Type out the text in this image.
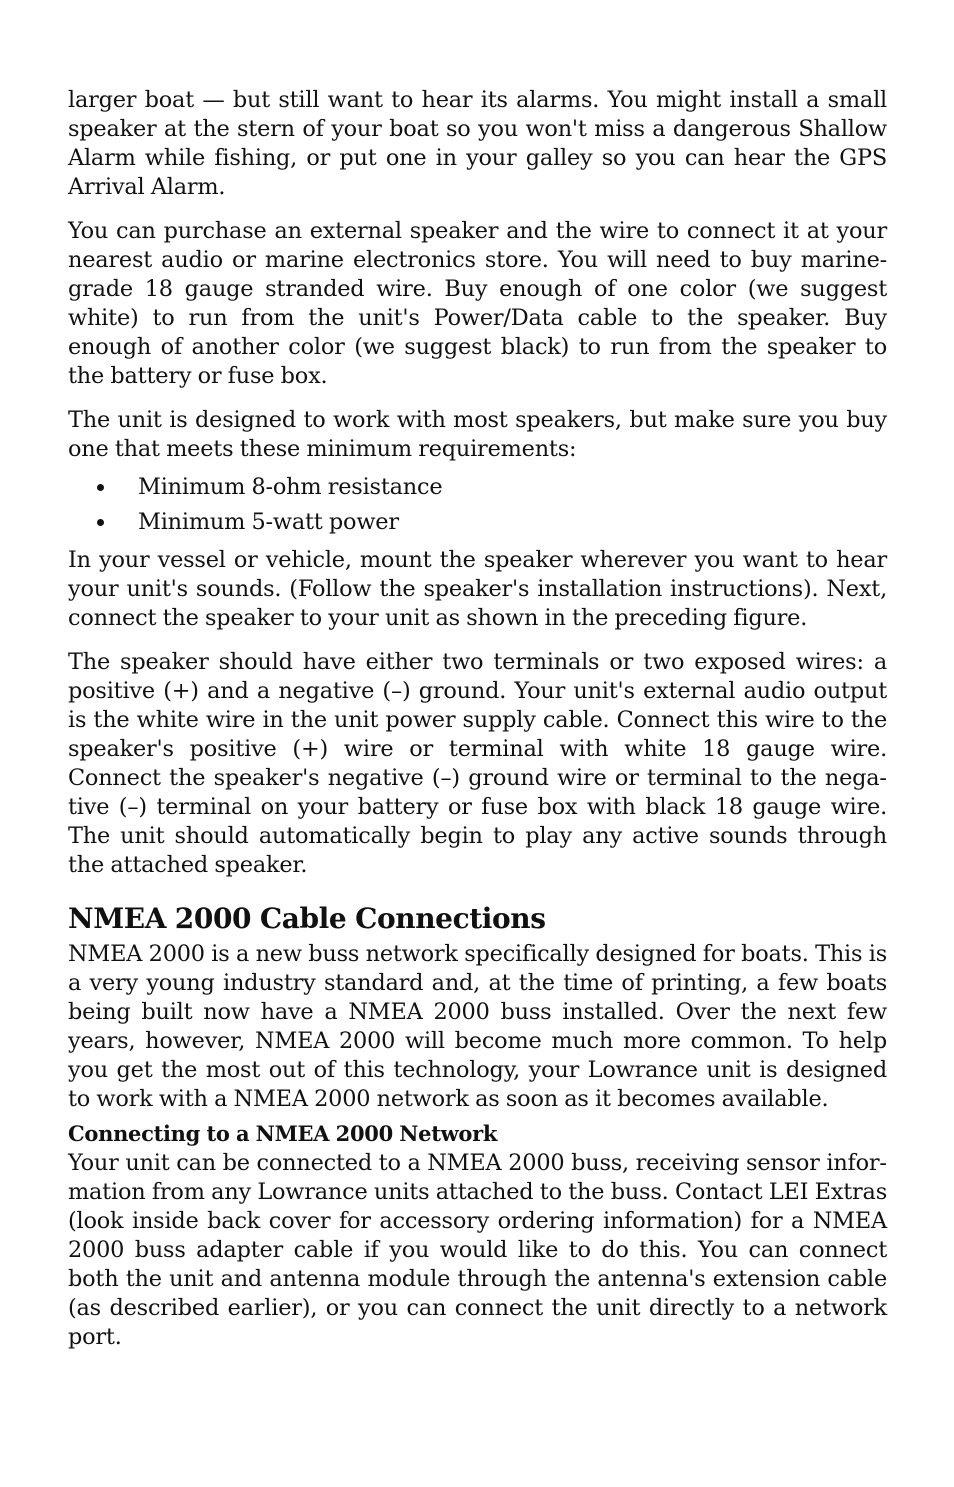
larger boat — but still want to hear its alarms. You might install a small speaker at the stern of your boat so you won't miss a dangerous Shallow Alarm while fishing, or put one in your galley so you can hear the GPS Arrival Alarm.

You can purchase an external speaker and the wire to connect it at your nearest audio or marine electronics store. You will need to buy marine-grade 18 gauge stranded wire. Buy enough of one color (we suggest white) to run from the unit's Power/Data cable to the speaker. Buy enough of another color (we suggest black) to run from the speaker to the battery or fuse box.

The unit is designed to work with most speakers, but make sure you buy one that meets these minimum requirements:

Minimum 8-ohm resistance
Minimum 5-watt power

In your vessel or vehicle, mount the speaker wherever you want to hear your unit's sounds. (Follow the speaker's installation instructions). Next, connect the speaker to your unit as shown in the preceding figure.

The speaker should have either two terminals or two exposed wires: a positive (+) and a negative (–) ground. Your unit's external audio output is the white wire in the unit power supply cable. Connect this wire to the speaker's positive (+) wire or terminal with white 18 gauge wire. Connect the speaker's negative (–) ground wire or terminal to the negative (–) terminal on your battery or fuse box with black 18 gauge wire. The unit should automatically begin to play any active sounds through the attached speaker.

NMEA 2000 Cable Connections

NMEA 2000 is a new buss network specifically designed for boats. This is a very young industry standard and, at the time of printing, a few boats being built now have a NMEA 2000 buss installed. Over the next few years, however, NMEA 2000 will become much more common. To help you get the most out of this technology, your Lowrance unit is designed to work with a NMEA 2000 network as soon as it becomes available.

Connecting to a NMEA 2000 Network

Your unit can be connected to a NMEA 2000 buss, receiving sensor information from any Lowrance units attached to the buss. Contact LEI Extras (look inside back cover for accessory ordering information) for a NMEA 2000 buss adapter cable if you would like to do this. You can connect both the unit and antenna module through the antenna's extension cable (as described earlier), or you can connect the unit directly to a network port.
